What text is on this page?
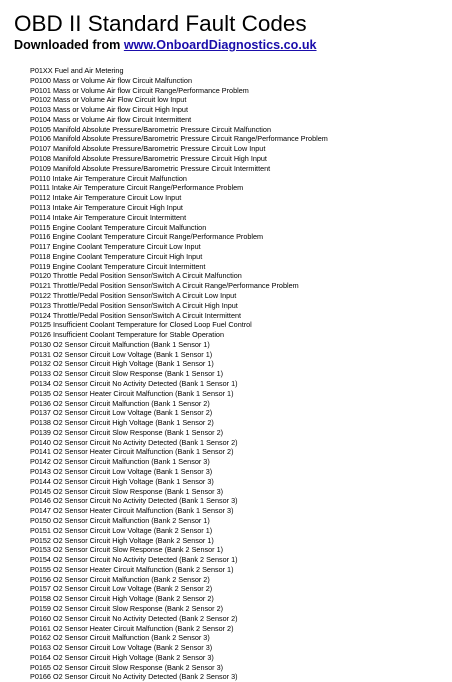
OBD II Standard Fault Codes
Downloaded from www.OnboardDiagnostics.co.uk
P01XX Fuel and Air Metering
P0100 Mass or Volume Air flow Circuit Malfunction
P0101 Mass or Volume Air flow Circuit Range/Performance Problem
P0102 Mass or Volume Air Flow Circuit low Input
P0103 Mass or Volume Air flow Circuit High Input
P0104 Mass or Volume Air flow Circuit Intermittent
P0105 Manifold Absolute Pressure/Barometric Pressure Circuit Malfunction
P0106 Manifold Absolute Pressure/Barometric Pressure Circuit Range/Performance Problem
P0107 Manifold Absolute Pressure/Barometric Pressure Circuit Low Input
P0108 Manifold Absolute Pressure/Barometric Pressure Circuit High Input
P0109 Manifold Absolute Pressure/Barometric Pressure Circuit Intermittent
P0110 Intake Air Temperature Circuit Malfunction
P0111 Intake Air Temperature Circuit Range/Performance Problem
P0112 Intake Air Temperature Circuit Low Input
P0113 Intake Air Temperature Circuit High Input
P0114 Intake Air Temperature Circuit Intermittent
P0115 Engine Coolant Temperature Circuit Malfunction
P0116 Engine Coolant Temperature Circuit Range/Performance Problem
P0117 Engine Coolant Temperature Circuit Low Input
P0118 Engine Coolant Temperature Circuit High Input
P0119 Engine Coolant Temperature Circuit Intermittent
P0120 Throttle Pedal Position Sensor/Switch A Circuit Malfunction
P0121 Throttle/Pedal Position Sensor/Switch A Circuit Range/Performance Problem
P0122 Throttle/Pedal Position Sensor/Switch A Circuit Low Input
P0123 Throttle/Pedal Position Sensor/Switch A Circuit High Input
P0124 Throttle/Pedal Position Sensor/Switch A Circuit Intermittent
P0125 Insufficient Coolant Temperature for Closed Loop Fuel Control
P0126 Insufficient Coolant Temperature for Stable Operation
P0130 O2 Sensor Circuit Malfunction (Bank 1 Sensor 1)
P0131 O2 Sensor Circuit Low Voltage (Bank 1 Sensor 1)
P0132 O2 Sensor Circuit High Voltage (Bank 1 Sensor 1)
P0133 O2 Sensor Circuit Slow Response (Bank 1 Sensor 1)
P0134 O2 Sensor Circuit No Activity Detected (Bank 1 Sensor 1)
P0135 O2 Sensor Heater Circuit Malfunction (Bank 1 Sensor 1)
P0136 O2 Sensor Circuit Malfunction (Bank 1 Sensor 2)
P0137 O2 Sensor Circuit Low Voltage (Bank 1 Sensor 2)
P0138 O2 Sensor Circuit High Voltage (Bank 1 Sensor 2)
P0139 O2 Sensor Circuit Slow Response (Bank 1 Sensor 2)
P0140 O2 Sensor Circuit No Activity Detected (Bank 1 Sensor 2)
P0141 O2 Sensor Heater Circuit Malfunction (Bank 1 Sensor 2)
P0142 O2 Sensor Circuit Malfunction (Bank 1 Sensor 3)
P0143 O2 Sensor Circuit Low Voltage (Bank 1 Sensor 3)
P0144 O2 Sensor Circuit High Voltage (Bank 1 Sensor 3)
P0145 O2 Sensor Circuit Slow Response (Bank 1 Sensor 3)
P0146 O2 Sensor Circuit No Activity Detected (Bank 1 Sensor 3)
P0147 O2 Sensor Heater Circuit Malfunction (Bank 1 Sensor 3)
P0150 O2 Sensor Circuit Malfunction (Bank 2 Sensor 1)
P0151 O2 Sensor Circuit Low Voltage (Bank 2 Sensor 1)
P0152 O2 Sensor Circuit High Voltage (Bank 2 Sensor 1)
P0153 O2 Sensor Circuit Slow Response (Bank 2 Sensor 1)
P0154 O2 Sensor Circuit No Activity Detected (Bank 2 Sensor 1)
P0155 O2 Sensor Heater Circuit Malfunction (Bank 2 Sensor 1)
P0156 O2 Sensor Circuit Malfunction (Bank 2 Sensor 2)
P0157 O2 Sensor Circuit Low Voltage (Bank 2 Sensor 2)
P0158 O2 Sensor Circuit High Voltage (Bank 2 Sensor 2)
P0159 O2 Sensor Circuit Slow Response (Bank 2 Sensor 2)
P0160 O2 Sensor Circuit No Activity Detected (Bank 2 Sensor 2)
P0161 O2 Sensor Heater Circuit Malfunction (Bank 2 Sensor 2)
P0162 O2 Sensor Circuit Malfunction (Bank 2 Sensor 3)
P0163 O2 Sensor Circuit Low Voltage (Bank 2 Sensor 3)
P0164 O2 Sensor Circuit High Voltage (Bank 2 Sensor 3)
P0165 O2 Sensor Circuit Slow Response (Bank 2 Sensor 3)
P0166 O2 Sensor Circuit No Activity Detected (Bank 2 Sensor 3)
